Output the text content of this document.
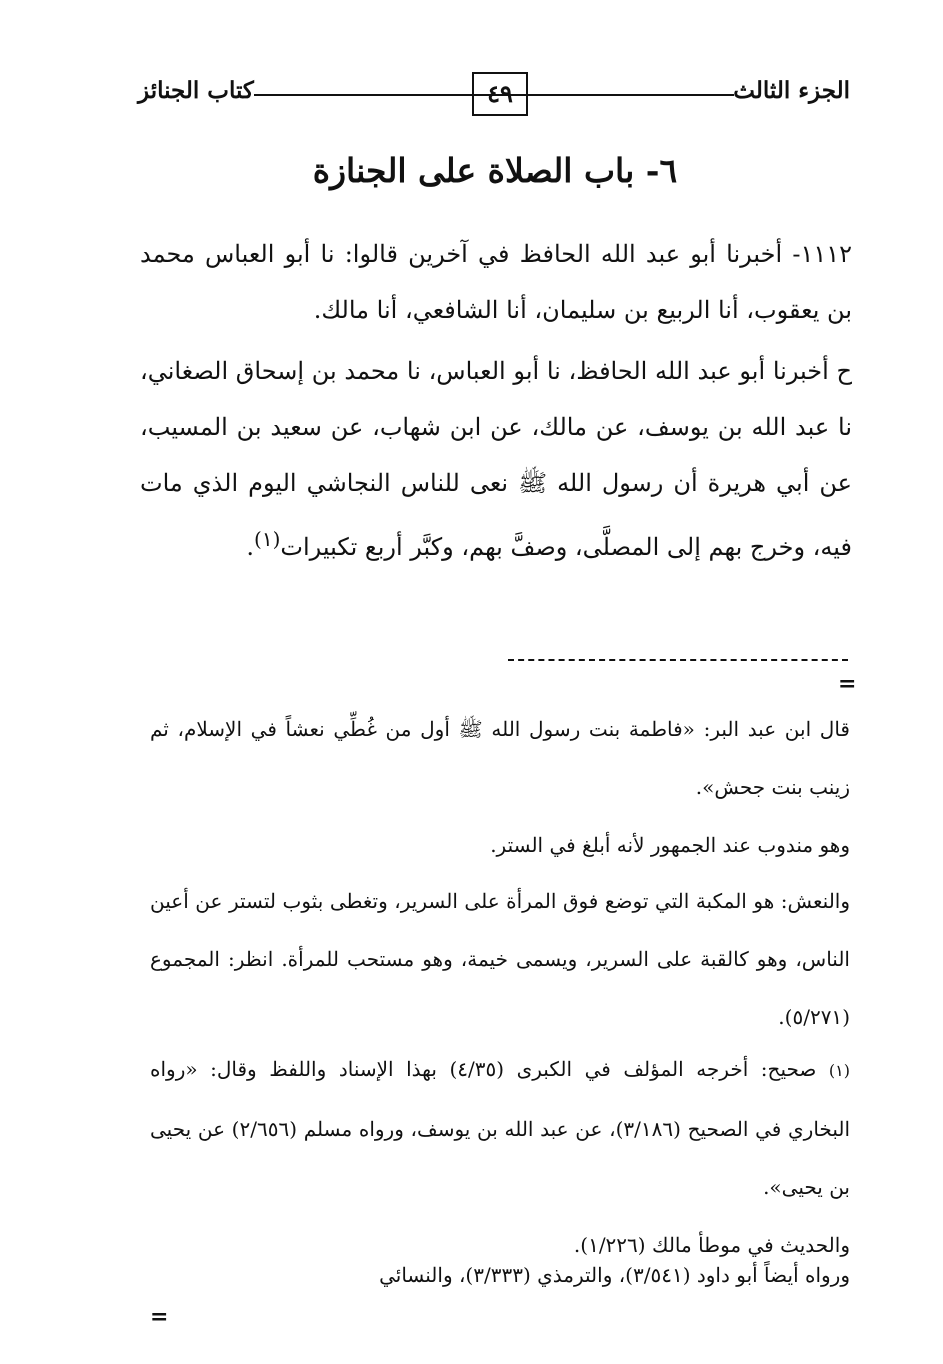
الجزء الثالث
٤٩
كتاب الجنائز
٦- باب الصلاة على الجنازة
١١١٢- أخبرنا أبو عبد الله الحافظ في آخرين قالوا: نا أبو العباس محمد بن يعقوب، أنا الربيع بن سليمان، أنا الشافعي، أنا مالك.
ح أخبرنا أبو عبد الله الحافظ، نا أبو العباس، نا محمد بن إسحاق الصغاني، نا عبد الله بن يوسف، عن مالك، عن ابن شهاب، عن سعيد بن المسيب، عن أبي هريرة أن رسول الله ﷺ نعى للناس النجاشي اليوم الذي مات فيه، وخرج بهم إلى المصلَّى، وصفَّ بهم، وكبَّر أربع تكبيرات$^{(١)}$.
=
قال ابن عبد البر: «فاطمة بنت رسول الله ﷺ أول من غُطِّي نعشاً في الإسلام، ثم زينب بنت جحش».
وهو مندوب عند الجمهور لأنه أبلغ في الستر.
والنعش: هو المكبة التي توضع فوق المرأة على السرير، وتغطى بثوب لتستر عن أعين الناس، وهو كالقبة على السرير، ويسمى خيمة، وهو مستحب للمرأة. انظر: المجموع (٥/٢٧١).
(١) صحيح: أخرجه المؤلف في الكبرى (٤/٣٥) بهذا الإسناد واللفظ وقال: «رواه البخاري في الصحيح (٣/١٨٦)، عن عبد الله بن يوسف، ورواه مسلم (٢/٦٥٦) عن يحيى بن يحيى».
والحديث في موطأ مالك (١/٢٢٦).
ورواه أيضاً أبو داود (٣/٥٤١)، والترمذي (٣/٣٣٣)، والنسائي
=
